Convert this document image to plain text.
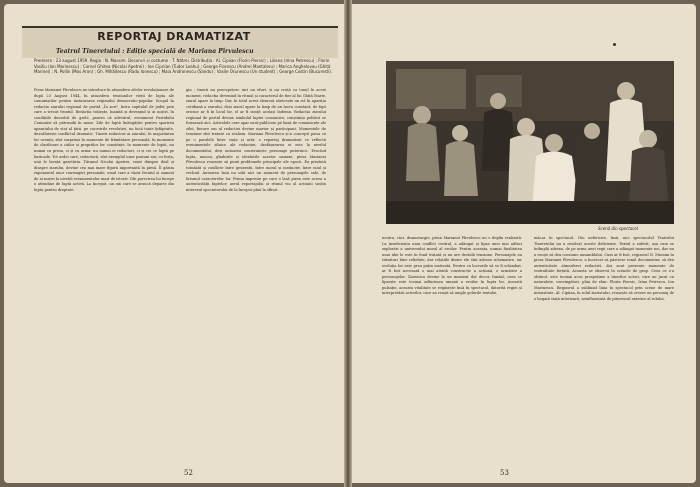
REPORTAJ DRAMATIZAT
Teatrul Tineretului : Ediție specială de Mariana Pîrvulescu
Premiera : 23 august 1959. Regia : N. Massim. Decoruri și costume : T. Nătrei. Distribuția : Al. Cipiian (Florin Piersic) ; Liliana (Irina Petrescu) ; Florin Vasiliu (Ion Marinescu) ; Cornel Ghitea (Nicolai Apetrei) ; Ion Cipriian (Tudor Leahu) ; George Florescu (Andrei Mantaleru) ; Marica Angheloveu (Ghiță Marinei) ; N. Pollin (Mos Aron) ; Gh. Mihăilescu (Radu Ionescu) ; Maia Andronescu (Sandu) ; Vasile Orunescu (Un student) ; George Costin (Bucuresti).
Piesa Marianei Pîrvulescu ne introduce în atmosfera zilelor revoluționare de după 23 August 1944, în atmosfera tensiunilor vieții de lupta ale comuniștilor pentru instaurarea regimului democratic-popular. Scopul în redacția ziarului regional de partid „În zori", întru capitalul de județ prin care a trecut frontul. Redacția trăiește, înaintă și devenind și ai noștri, în condițiile deosebit de grele, pentru că adevărul, eveniment Partidului Comunist să pătrundă în mase. Zile de luptă îmbogățite pentru sporirea aparatului de stat al țării, pe cuceririle revoluției, nu încă toate înfăptuite, dezvăluiește conflictul dramatic. Tinerii redactori ai ziarului, în majoritatea lor uceniți, sînt surprinși în momente de frămîntare personală, în momente de clarificare a căilor și propriilor lor conștiințe, în momente de luptă, nu numai cu presa, ci și cu arma: nu numai ei redactori, ci și cei ce luptă pe baricade. Tot ardei care, redactorii, sînt exemplul unor pasiuni noi; cu forța, unii le învață gazetăria. Țăranul Nicolai Apetrei, venit dinspre deal și dinspre ziarului, devine cea mai mare figură importantă în piesă. Îl găsim exponentul unor convingeri personale, omul care a văzut frontul și oameni de ai noștri la nivelul evenimentelor mari de istorie. Dîn porecirea lui începe o atitudine de luptă activă. La început, un om care se aruncă departe din lupta pentru dreptate.
gia ; tinerii nu precupețesc nici un efort, și nu cruță ca tonul în acest moment, redacția devenind în ritmul și caracterul de fier al lui Ghiță Marie, ziarul apare la timp. Dar, în totul acest element sărăcește un rol în apariția cotidiană a ziarului, deși ziarul apare la timp de un lucru constant; de fapt oricine ar fi în locul lor, el ar fi simțit același îndemn. Redacția ziarului regional de partid devine simbolul luptei comuniste; conștiința politică se formează aici. Articolele care apar sunt publicate pe bază de comunicate ale zilei, fiecare om al redacției devine martor și participant. Momentele de tensiune sînt tratate cu realism. Mariana Pîrvulescu și-a concepit piesa ca pe o paralelă între viața și artă: o reportaj dramatizat ce reflectă evenimentele zilnice ale redacției; desfășurarea ei este la nivelul documentului, deși autoarea construiește personaje puternice. Evocînd lupta, munca, gîndurile și idealurile acestor oameni, piesa Marianei Pîrvulescu reușește să pună problemele principale ale epocii. Ea prezintă totodată și conflicte între generații, între moral și instinctiv, între noul și vechiul. Autoarea însă nu uită nici un moment de personajele sale, de lirismul caracterelor lor. Prima impresie pe care o lasă piesa este aceea a autenticității faptelor; aerul reportajului și ritmul viu al acțiunii susțin interesul spectatorului de la început pînă la sfîrșit.
52
Scenă din spectacol
neutra, căci, dramaturgie, piesa Marianei Pîrvulescu nu e deplin realizată. La insuficiența unui conflict central, a adăugat și lipsa unei mai adînci explorări a universului moral al eroilor. Pentru aceasta, numai finalitatea unui idei le este în fond tratată și nu are destulă tensiune. Personajele au trăsături bine reliefate, dar relațiile dintre ele sînt adesea schematice, iar evoluția lor este prea puțin motivată. Pentru ca lucrurile să se fi schimbat, ar fi fost necesară o mai atentă construcție a acțiunii, o urmărire a personajelor. Ziaristica devine la un moment dat decor, fundal; ceea ce lipsește este tocmai adîncimea umană a eroilor în lupta lor. Această pulsație, aceasta vitalitate se regăsește însă în spectacol, datorită regiei și interpretării actorilor, care au reușit să umple golurile textului.
măcar în spectacol. Din nefericire, însă, nici spectacolul Teatrului Tineretului nu a rezolvat aceste deficiențe. Textul a suferit, așa cum se întîmplă adesea, de pe urma unei regii care a adăugat momente noi, dar nu a reușit să dea coeziune ansamblului. Cum ar fi fost, regizorul N. Massim în piesa Marianei Pîrvulescu, a încercat să păstreze tonul documentar, să dea autenticitate atmosferei redacției, dar sunt prezente momente de teatralitate forțată. Aceasta se observă în scenele de grup. Ceea ce s-a obținut, este tocmai acea prospețime a tinerilor actori, care au jucat cu naturalețe, convingători, plini de elan: Florin Piersic, Irina Petrescu, Ion Marinescu. Regizorul a subliniat linia în spectacol prin scene de mare intensitate. Al. Cipiian, în rolul ziaristului, reușește să creeze un personaj de o bogată viață interioară, neinfluențată de pitorescul exterior al rolului.
53
